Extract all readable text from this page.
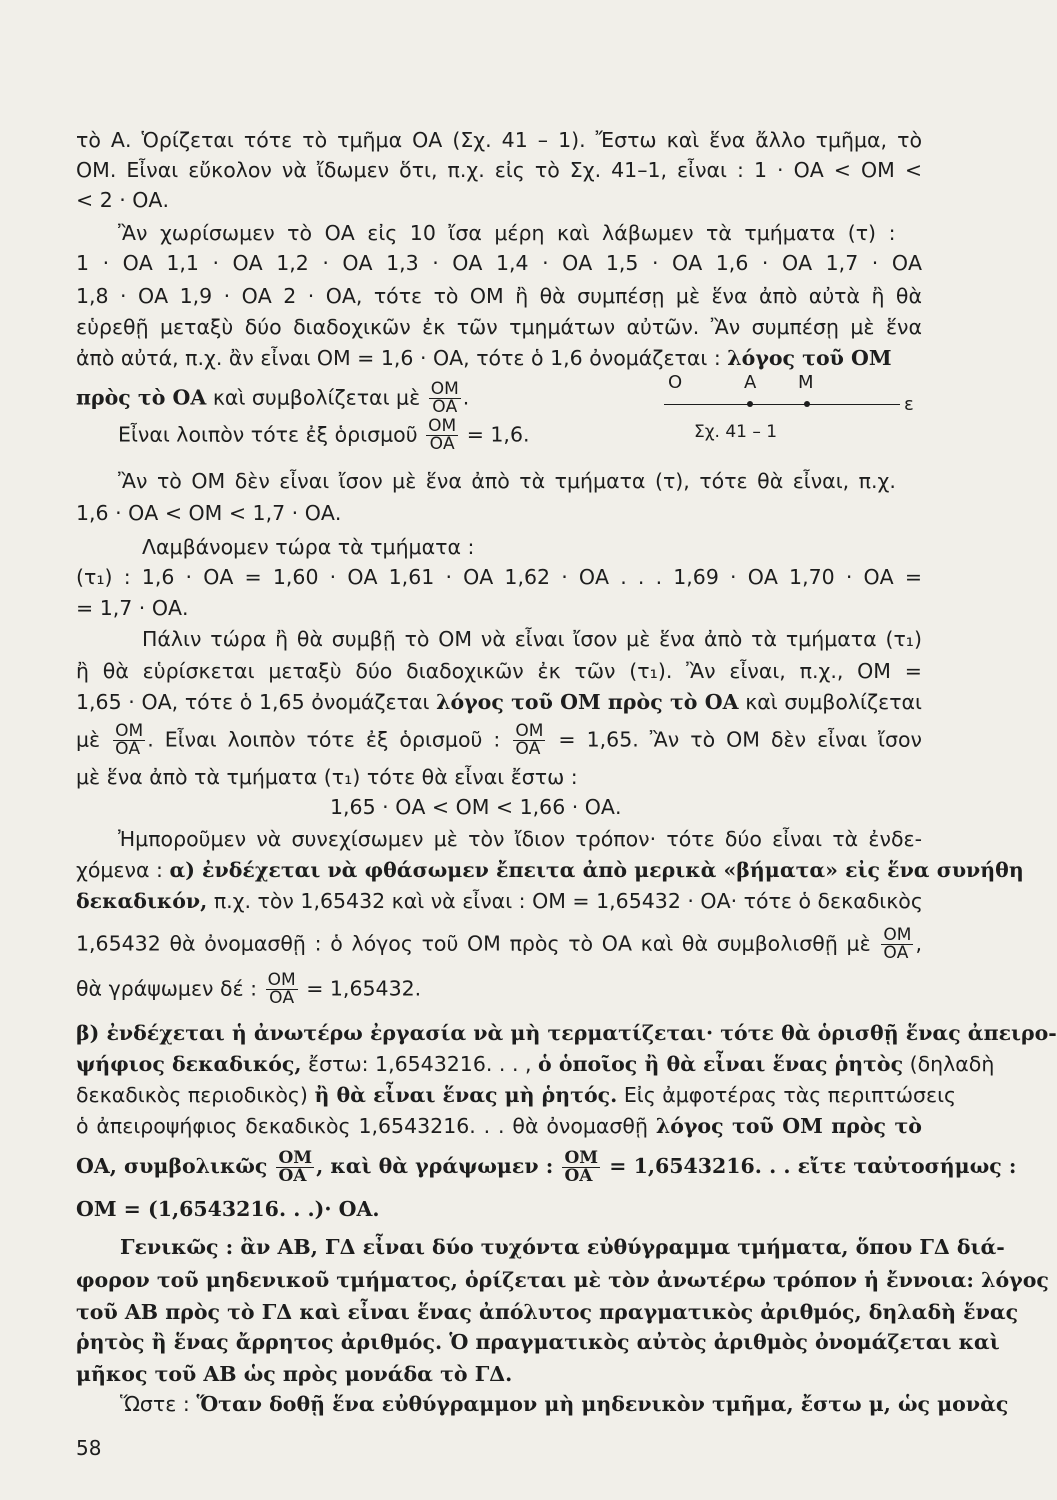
τὸ Α. Ὁρίζεται τότε τὸ τμῆμα ΟΑ (Σχ. 41 – 1). Ἔστω καὶ ἕνα ἄλλο τμῆμα, τὸ
ΟΜ. Εἶναι εὔκολον νὰ ἴδωμεν ὅτι, π.χ. εἰς τὸ Σχ. 41–1, εἶναι : 1 · ΟΑ < ΟΜ <
< 2 · ΟΑ.
Ἂν χωρίσωμεν τὸ ΟΑ εἰς 10 ἴσα μέρη καὶ λάβωμεν τὰ τμήματα (τ) :
1 · ΟΑ 1,1 · ΟΑ 1,2 · ΟΑ 1,3 · ΟΑ 1,4 · ΟΑ 1,5 · ΟΑ 1,6 · ΟΑ 1,7 · ΟΑ
1,8 · ΟΑ 1,9 · ΟΑ 2 · ΟΑ, τότε τὸ ΟΜ ἢ θὰ συμπέσῃ μὲ ἕνα ἀπὸ αὐτὰ ἢ θὰ
εὑρεθῇ μεταξὺ δύο διαδοχικῶν ἐκ τῶν τμημάτων αὐτῶν. Ἂν συμπέσῃ μὲ ἕνα
ἀπὸ αὐτά, π.χ. ἂν εἶναι ΟΜ = 1,6 · ΟΑ, τότε ὁ 1,6 ὀνομάζεται : λόγος τοῦ ΟΜ
πρὸς τὸ ΟΑ καὶ συμβολίζεται μὲ $\frac{OM}{OA}$ .
Εἶναι λοιπὸν τότε ἐξ ὁρισμοῦ $\frac{OM}{OA} = 1,6$.
Ο	Α Μ
ε
Σχ. 41 – 1
Ἂν τὸ ΟΜ δὲν εἶναι ἴσον μὲ ἕνα ἀπὸ τὰ τμήματα (τ), τότε θὰ εἶναι, π.χ.
1,6 · ΟΑ < ΟΜ < 1,7 · ΟΑ.
Λαμβάνομεν τώρα τὰ τμήματα :
(τ₁) : 1,6 · ΟΑ = 1,60 · ΟΑ 1,61 · ΟΑ 1,62 · ΟΑ . . . 1,69 · ΟΑ 1,70 · ΟΑ =
= 1,7 · ΟΑ.
Πάλιν τώρα ἢ θὰ συμβῇ τὸ ΟΜ νὰ εἶναι ἴσον μὲ ἕνα ἀπὸ τὰ τμήματα (τ₁)
ἢ θὰ εὑρίσκεται μεταξὺ δύο διαδοχικῶν ἐκ τῶν (τ₁). Ἂν εἶναι, π.χ., ΟΜ =
1,65 · ΟΑ, τότε ὁ 1,65 ὀνομάζεται λόγος τοῦ ΟΜ πρὸς τὸ ΟΑ καὶ συμβολίζεται
μὲ $\frac{OM}{OA}$ . Εἶναι λοιπὸν τότε ἐξ ὁρισμοῦ : $\frac{OM}{OA} = 1,65$. Ἂν τὸ ΟΜ δὲν εἶναι ἴσον
μὲ ἕνα ἀπὸ τὰ τμήματα (τ₁) τότε θὰ εἶναι ἔστω :
1,65 · ΟΑ < ΟΜ < 1,66 · ΟΑ.
Ἠμποροῦμεν νὰ συνεχίσωμεν μὲ τὸν ἴδιον τρόπον· τότε δύο εἶναι τὰ ἐνδε-
χόμενα : α) ἐνδέχεται νὰ φθάσωμεν ἔπειτα ἀπὸ μερικὰ «βήματα» εἰς ἕνα συνήθη
δεκαδικόν, π.χ. τὸν 1,65432 καὶ νὰ εἶναι : ΟΜ = 1,65432 · ΟΑ· τότε ὁ δεκαδικὸς
1,65432 θὰ ὀνομασθῇ : ὁ λόγος τοῦ ΟΜ πρὸς τὸ ΟΑ καὶ θὰ συμβολισθῇ μὲ $\frac{OM}{OA}$ ,
θὰ γράψωμεν δέ : $\frac{OM}{OA} = 1,65432$.
β) ἐνδέχεται ἡ ἀνωτέρω ἐργασία νὰ μὴ τερματίζεται· τότε θὰ ὁρισθῇ ἕνας ἀπειρο-
ψήφιος δεκαδικός, ἔστω: 1,6543216. . . , ὁ ὁποῖος ἢ θὰ εἶναι ἕνας ῥητὸς (δηλαδὴ
δεκαδικὸς περιοδικὸς) ἢ θὰ εἶναι ἕνας μὴ ῥητός. Εἰς ἀμφοτέρας τὰς περιπτώσεις
ὁ ἀπειροψήφιος δεκαδικὸς 1,6543216. . . θὰ ὀνομασθῇ λόγος τοῦ ΟΜ πρὸς τὸ
ΟΑ, συμβολικῶς $\frac{OM}{OA}$ , καὶ θὰ γράψωμεν : $\frac{OM}{OA} = 1,6543216$. . . εἴτε ταὐτοσήμως :
ΟΜ = (1,6543216. . .)· ΟΑ.
Γενικῶς : ἂν ΑΒ, ΓΔ εἶναι δύο τυχόντα εὐθύγραμμα τμήματα, ὅπου ΓΔ διά-
φορον τοῦ μηδενικοῦ τμήματος, ὁρίζεται μὲ τὸν ἀνωτέρω τρόπον ἡ ἔννοια: λόγος
τοῦ ΑΒ πρὸς τὸ ΓΔ καὶ εἶναι ἕνας ἀπόλυτος πραγματικὸς ἀριθμός, δηλαδὴ ἕνας
ῥητὸς ἢ ἕνας ἄρρητος ἀριθμός. Ὁ πραγματικὸς αὐτὸς ἀριθμὸς ὀνομάζεται καὶ
μῆκος τοῦ ΑΒ ὡς πρὸς μονάδα τὸ ΓΔ.
Ὥστε : Ὅταν δοθῇ ἕνα εὐθύγραμμον μὴ μηδενικὸν τμῆμα, ἔστω μ, ὡς μονὰς
58
